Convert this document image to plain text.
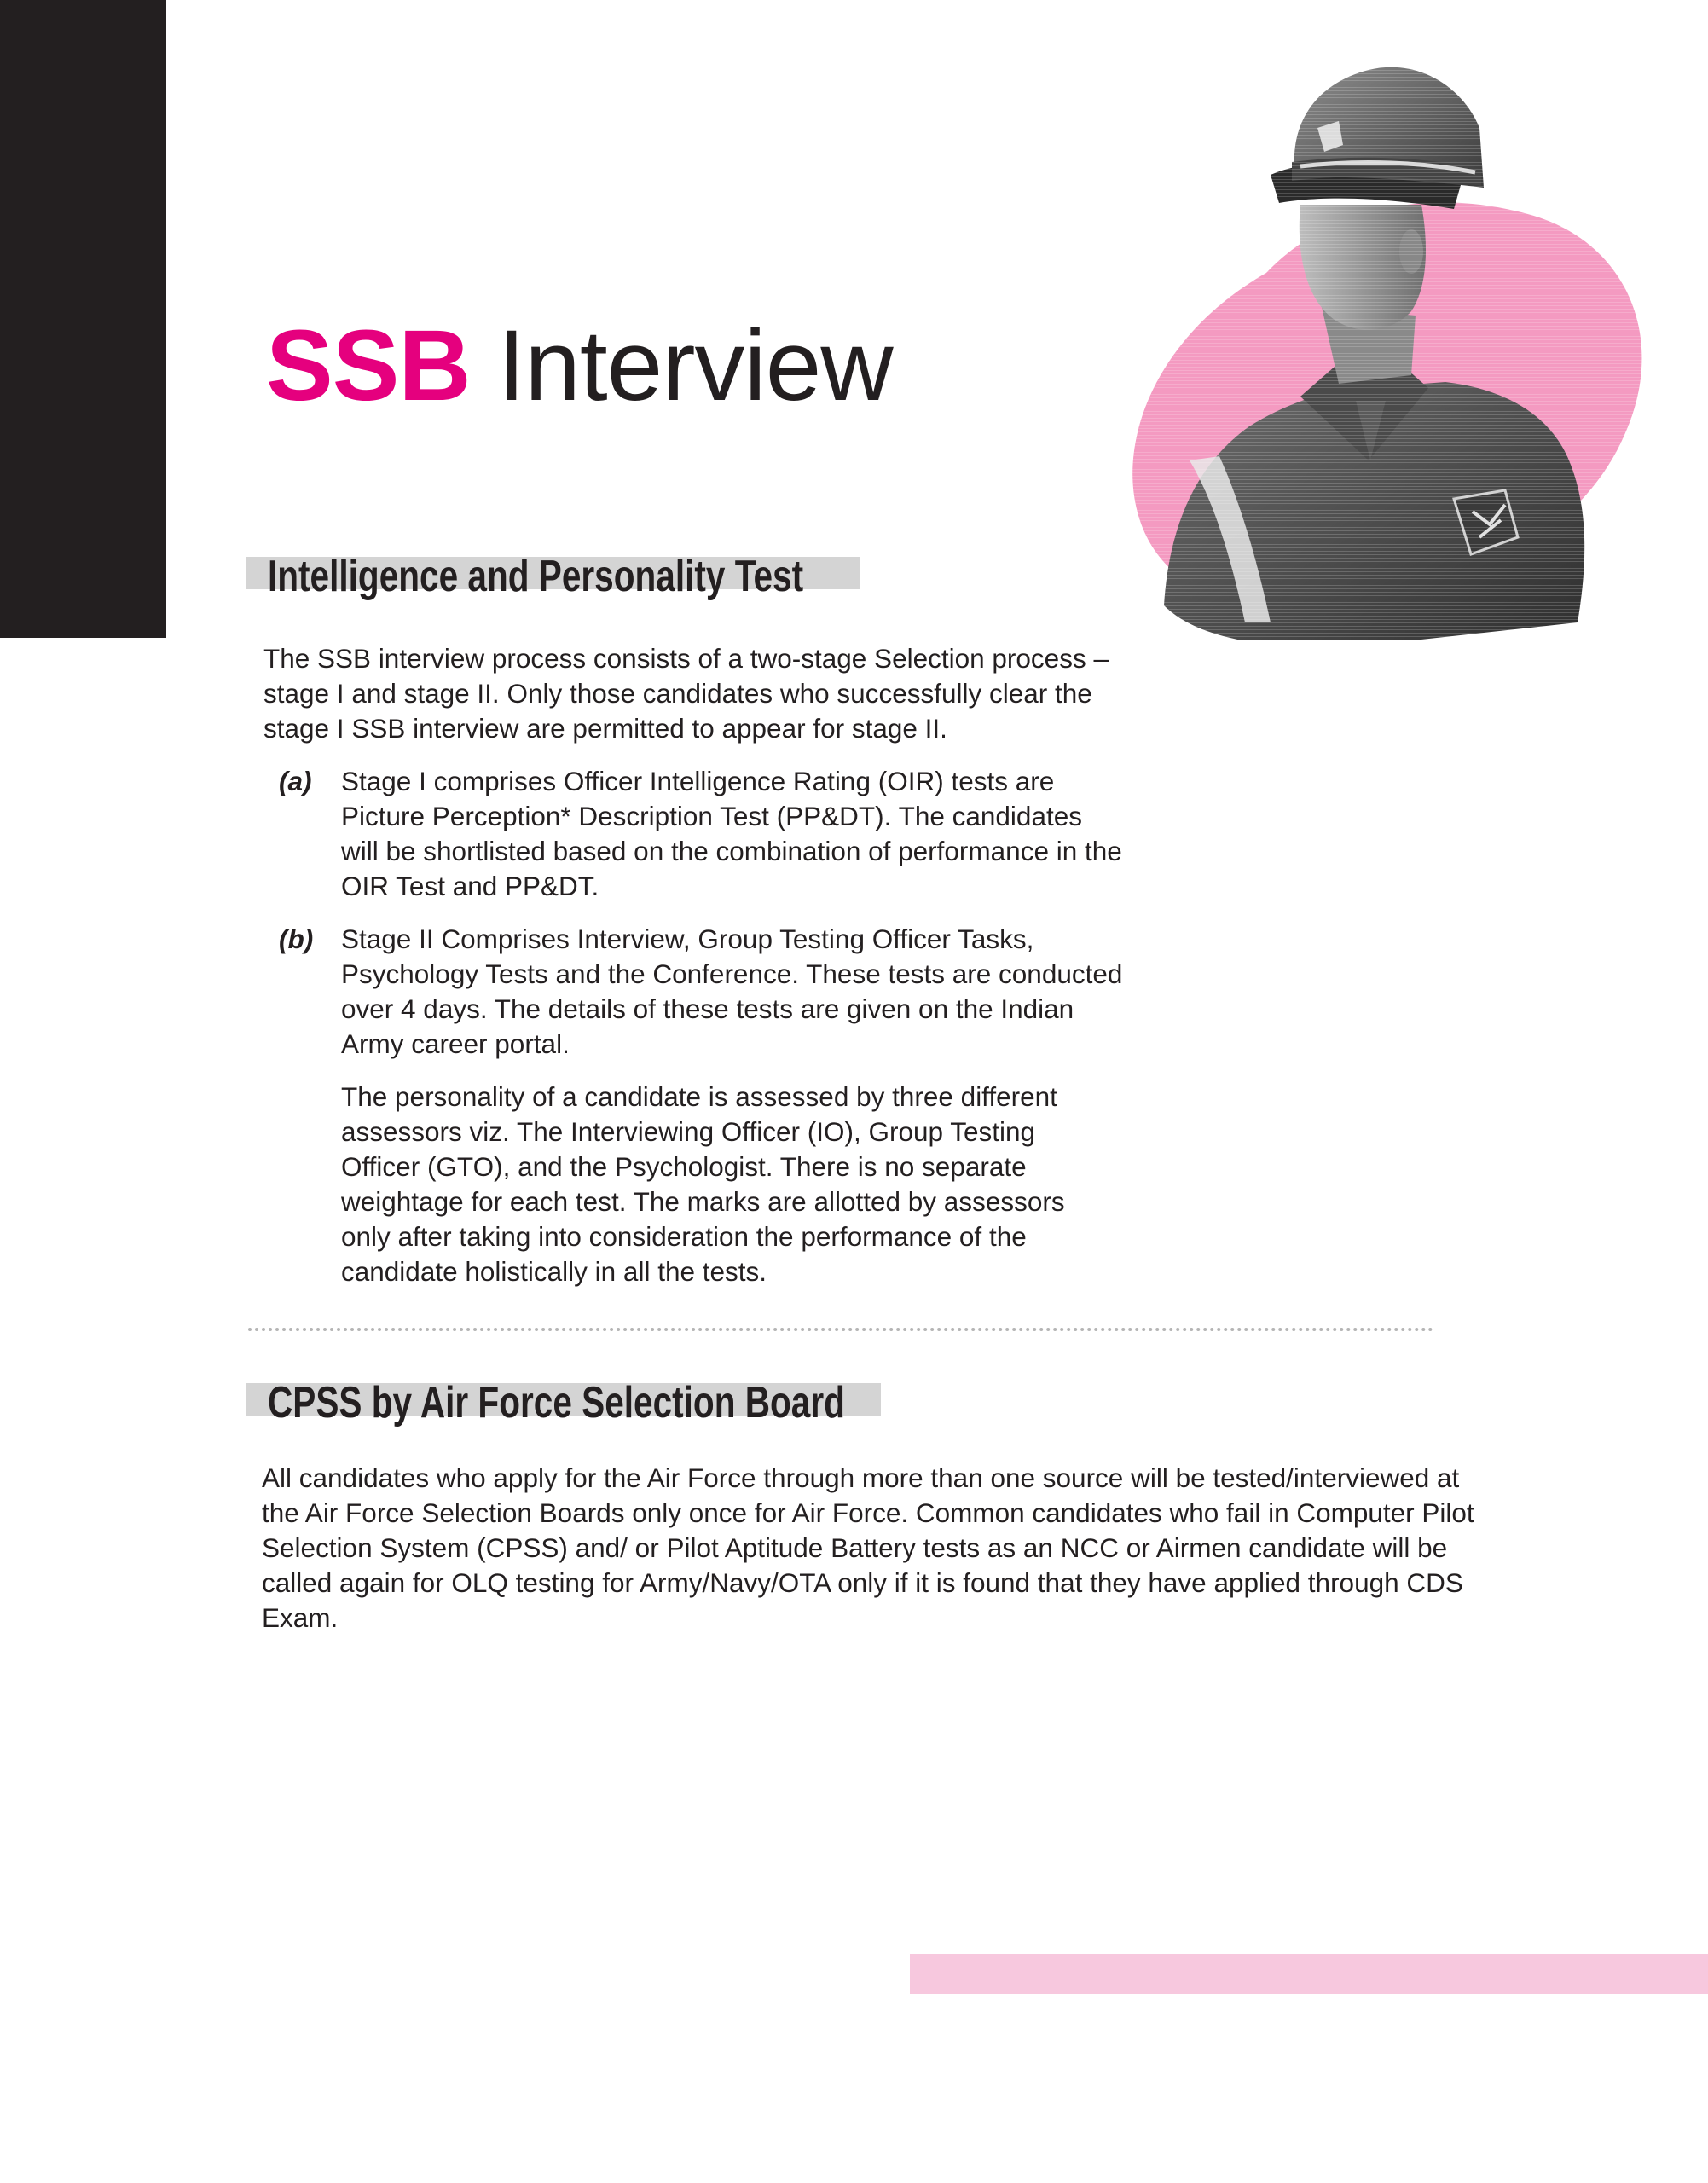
SSB Interview
Intelligence and Personality Test

The SSB interview process consists of a two-stage Selection process – stage I and stage II. Only those candidates who successfully clear the stage I SSB interview are permitted to appear for stage II.

(a) Stage I comprises Officer Intelligence Rating (OIR) tests are Picture Perception* Description Test (PP&DT). The candidates will be shortlisted based on the combination of performance in the OIR Test and PP&DT.

(b) Stage II Comprises Interview, Group Testing Officer Tasks, Psychology Tests and the Conference. These tests are conducted over 4 days. The details of these tests are given on the Indian Army career portal.

The personality of a candidate is assessed by three different assessors viz. The Interviewing Officer (IO), Group Testing Officer (GTO), and the Psychologist. There is no separate weightage for each test. The marks are allotted by assessors only after taking into consideration the performance of the candidate holistically in all the tests.

CPSS by Air Force Selection Board

All candidates who apply for the Air Force through more than one source will be tested/interviewed at the Air Force Selection Boards only once for Air Force. Common candidates who fail in Computer Pilot Selection System (CPSS) and/ or Pilot Aptitude Battery tests as an NCC or Airmen candidate will be called again for OLQ testing for Army/Navy/OTA only if it is found that they have applied through CDS Exam.
